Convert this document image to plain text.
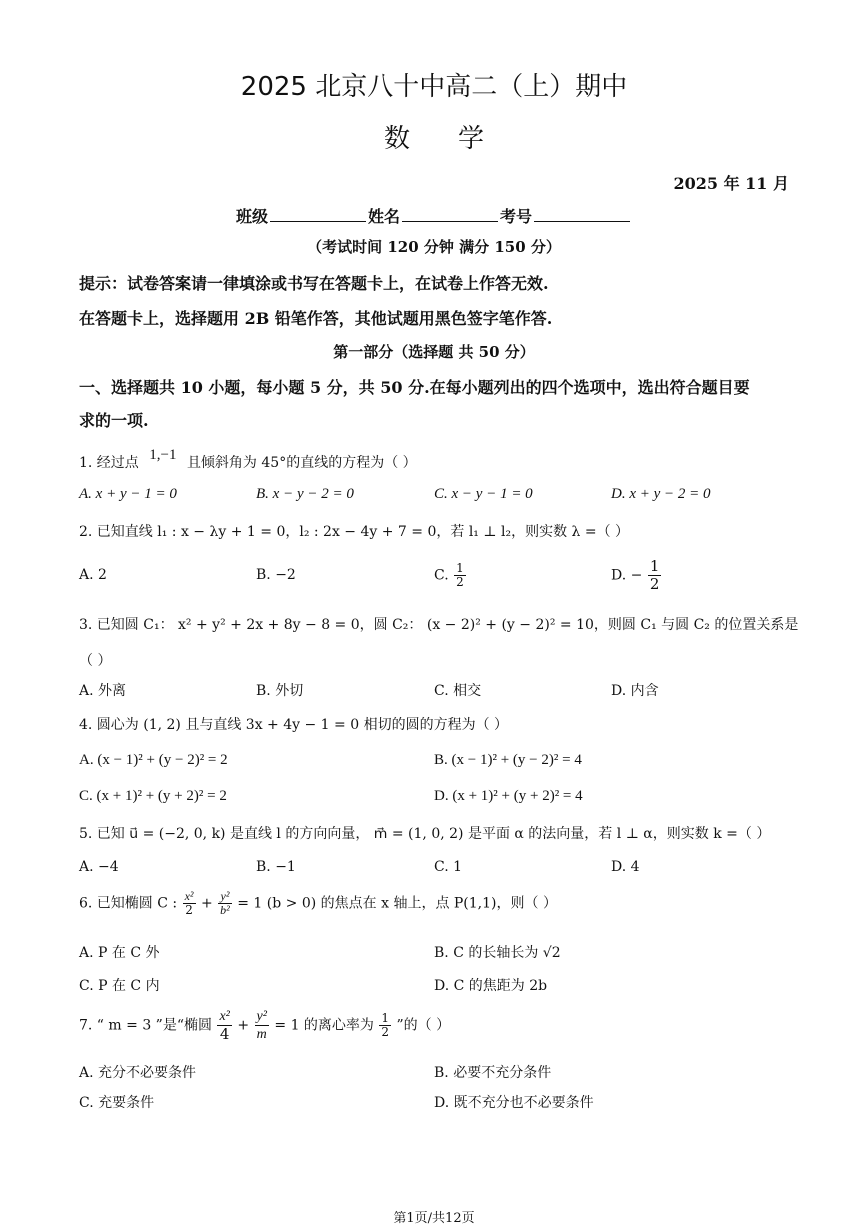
2025 北京八十中高二（上）期中
数学
2025 年 11 月
班级	姓名	考号
（考试时间 120 分钟 满分 150 分）
提示：试卷答案请一律填涂或书写在答题卡上，在试卷上作答无效.
在答题卡上，选择题用 2B 铅笔作答，其他试题用黑色签字笔作答.
第一部分（选择题 共 50 分）
一、选择题共 10 小题，每小题 5 分，共 50 分.在每小题列出的四个选项中，选出符合题目要
求的一项.
1. 经过点 1,−1 且倾斜角为 45°的直线的方程为（ ）
A. x + y − 1 = 0	B. x − y − 2 = 0	C. x − y − 1 = 0	D. x + y − 2 = 0
2. 已知直线 l₁ : x − λy + 1 = 0，l₂ : 2x − 4y + 7 = 0，若 l₁ ⊥ l₂，则实数 λ =（ ）
A. 2	B. −2	C. $\frac{1}{2}$	D. − $\frac{1}{2}$
3. 已知圆 C₁： x² + y² + 2x + 8y − 8 = 0，圆 C₂： (x − 2)² + (y − 2)² = 10，则圆 C₁ 与圆 C₂ 的位置关系是
（ ）
A. 外离	B. 外切	C. 相交	D. 内含
4. 圆心为 (1, 2) 且与直线 3x + 4y − 1 = 0 相切的圆的方程为（ ）
A. (x − 1)² + (y − 2)² = 2	B. (x − 1)² + (y − 2)² = 4
C. (x + 1)² + (y + 2)² = 2	D. (x + 1)² + (y + 2)² = 4
5. 已知 u⃗ = (−2, 0, k) 是直线 l 的方向向量， m⃗ = (1, 0, 2) 是平面 α 的法向量，若 l ⊥ α，则实数 k =（ ）
A. −4	B. −1	C. 1	D. 4
6. 已知椭圆 C : $\frac{\text{x²}}{2} + \frac{\text{y²}}{\text{b²}} = 1$ (b > 0) 的焦点在 x 轴上，点 P(1,1)，则（ ）
A. P 在 C 外	B. C 的长轴长为 √2
C. P 在 C 内	D. C 的焦距为 2b
7. “ m = 3 ”是“椭圆 $\frac{\text{x²}}{4} + \frac{\text{y²}}{m} = 1$ 的离心率为 $\frac{1}{2}$ ”的（ ）
A. 充分不必要条件	B. 必要不充分条件
C. 充要条件	D. 既不充分也不必要条件
第1页/共12页
